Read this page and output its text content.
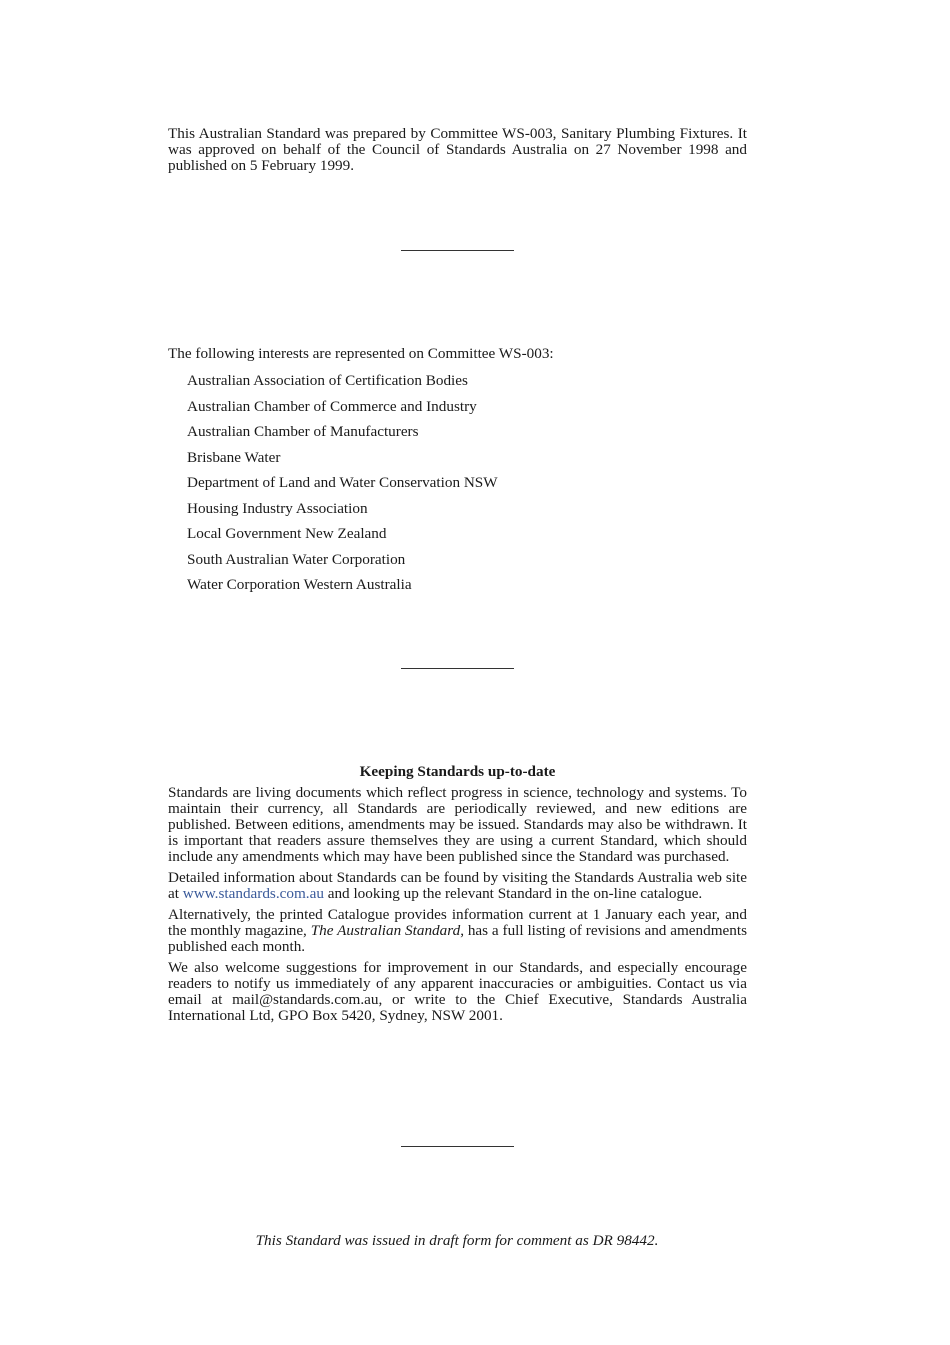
This Australian Standard was prepared by Committee WS-003, Sanitary Plumbing Fixtures. It was approved on behalf of the Council of Standards Australia on 27 November 1998 and published on 5 February 1999.
The following interests are represented on Committee WS-003:
Australian Association of Certification Bodies
Australian Chamber of Commerce and Industry
Australian Chamber of Manufacturers
Brisbane Water
Department of Land and Water Conservation NSW
Housing Industry Association
Local Government New Zealand
South Australian Water Corporation
Water Corporation Western Australia
Keeping Standards up-to-date

Standards are living documents which reflect progress in science, technology and systems. To maintain their currency, all Standards are periodically reviewed, and new editions are published. Between editions, amendments may be issued. Standards may also be withdrawn. It is important that readers assure themselves they are using a current Standard, which should include any amendments which may have been published since the Standard was purchased.

Detailed information about Standards can be found by visiting the Standards Australia web site at www.standards.com.au and looking up the relevant Standard in the on-line catalogue.

Alternatively, the printed Catalogue provides information current at 1 January each year, and the monthly magazine, The Australian Standard, has a full listing of revisions and amendments published each month.

We also welcome suggestions for improvement in our Standards, and especially encourage readers to notify us immediately of any apparent inaccuracies or ambiguities. Contact us via email at mail@standards.com.au, or write to the Chief Executive, Standards Australia International Ltd, GPO Box 5420, Sydney, NSW 2001.

This Standard was issued in draft form for comment as DR 98442.
